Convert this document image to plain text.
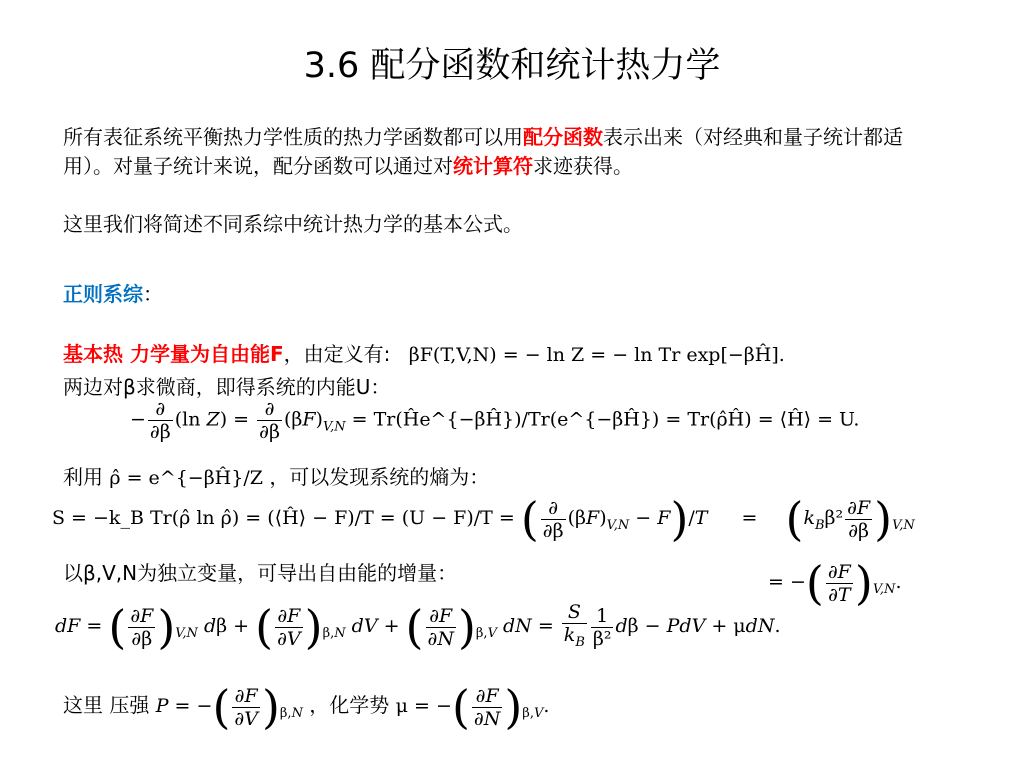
3.6 配分函数和统计热力学
所有表征系统平衡热力学性质的热力学函数都可以用配分函数表示出来（对经典和量子统计都适用）。对量子统计来说，配分函数可以通过对统计算符求迹获得。
这里我们将简述不同系综中统计热力学的基本公式。
正则系综：
基本热 力学量为自由能F，由定义有: βF(T,V,N) = − ln Z = − ln Tr exp[−βĤ].
两边对β求微商，即得系统的内能U：
− $\frac{\partial}{\partial\beta} (\ln$ $Z) = \frac{\partial}{\partial\beta} (\beta F)_{V,N}$ = Tr(Ĥe^{−βĤ})/Tr(e^{−βĤ}) = Tr(ρ̂Ĥ) = ⟨Ĥ⟩ = U.
利用 ρ̂ = e^{−βĤ}/Z ，可以发现系统的熵为：
S = −k_B Tr(ρ̂ ln ρ̂) = (⟨Ĥ⟩ − F)/T = (U − F)/T = ( $\frac{\partial}{\partial\beta} (\beta F)_{V,N} - F)/T = (k_B\beta^2 \frac{\partial F}{\partial\beta} )_{V,N}$
以β,V,N为独立变量，可导出自由能的增量：	= −( $\frac{\partial F}{\partial T} )_{V,N}$.
dF = ( $\frac{\partial F}{\partial\beta} )_{V,N}$ dβ + ( $\frac{\partial F}{\partial V} )_{\beta,N}$ dV + ( $\frac{\partial F}{\partial N} )_{\beta,V}$ dN = $\frac{S}{k_B} \frac{1}{\text{β²}}$ dβ − PdV + μdN.
这里 压强 P = −( $\frac{\partial F}{\partial V} )_{\beta,N}$ ，化学势 μ = −( $\frac{\partial F}{\partial N} )_{\beta,V}$.
